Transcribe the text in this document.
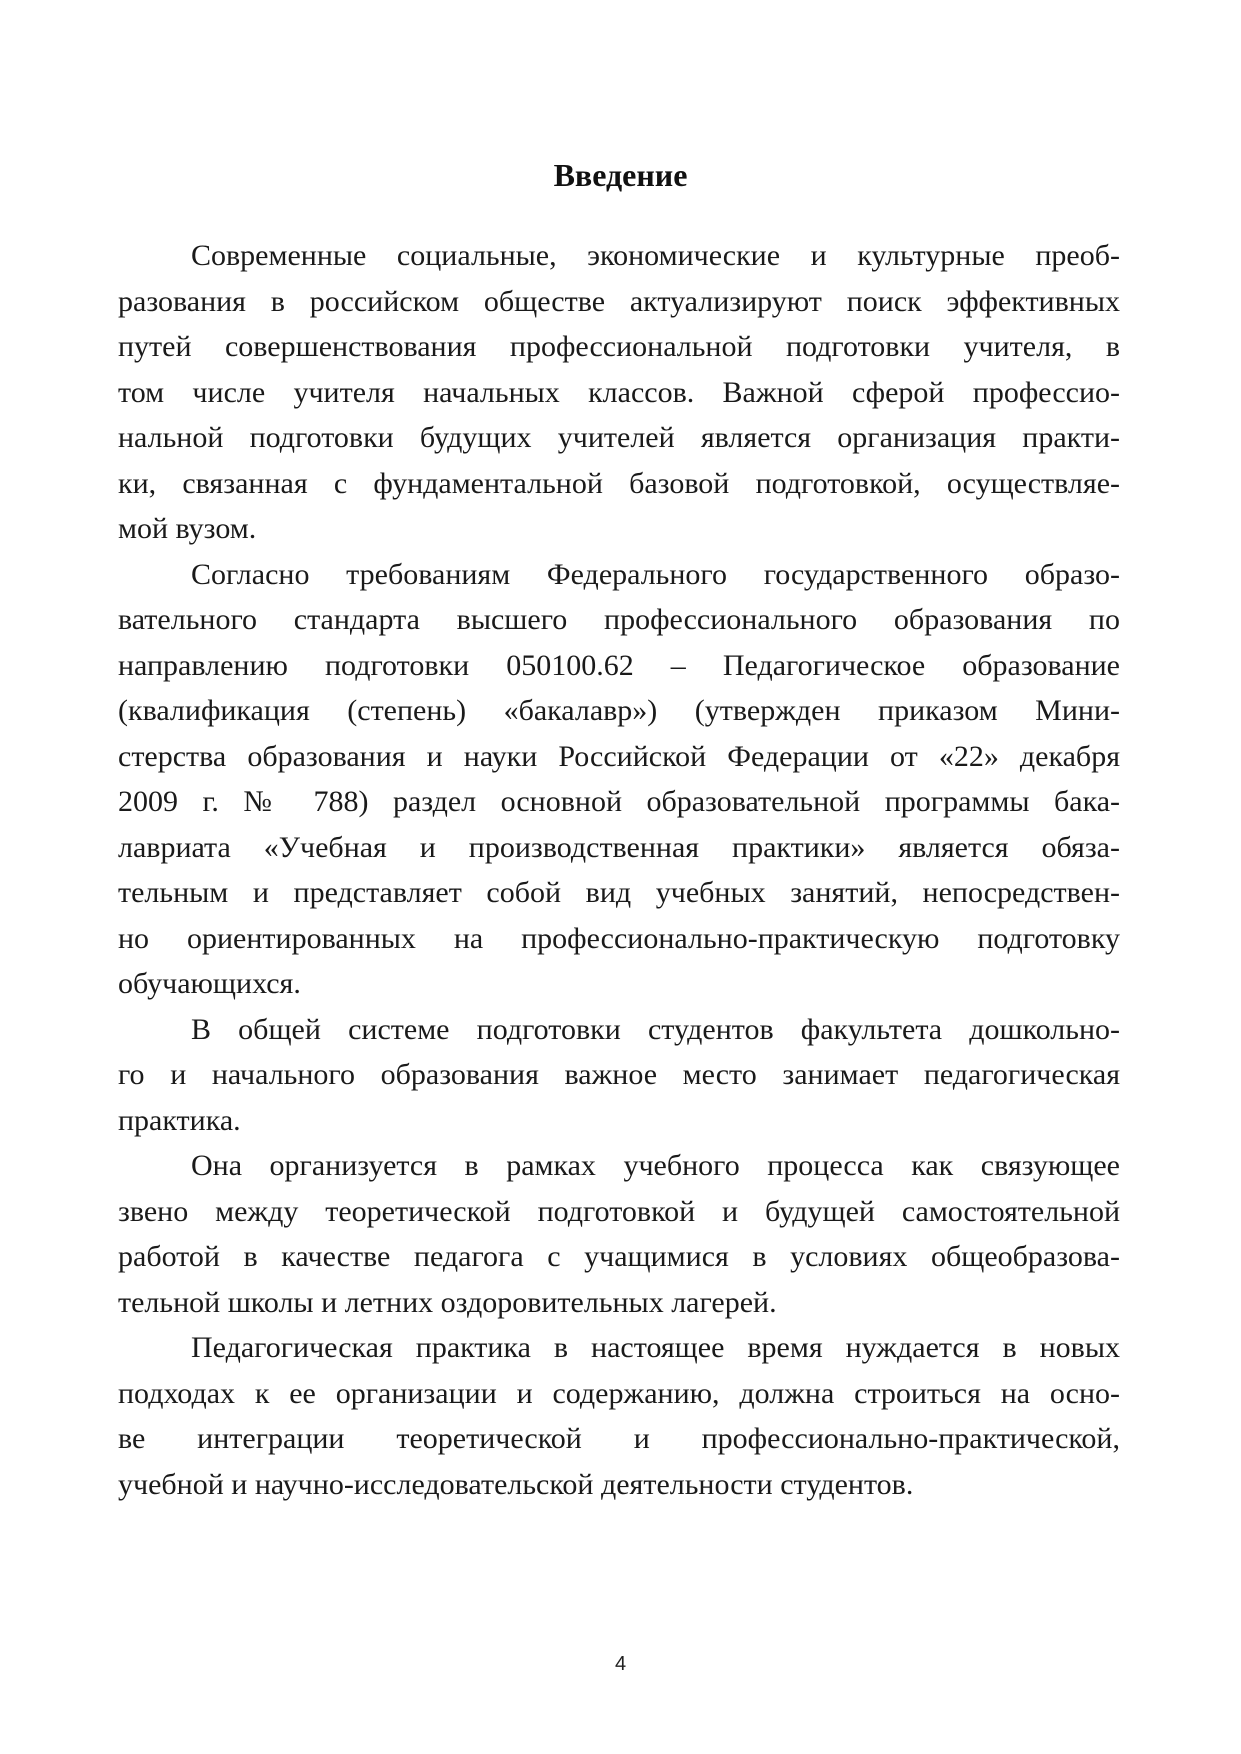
Введение
Современные социальные, экономические и культурные преоб-
разования в российском обществе актуализируют поиск эффективных
путей совершенствования профессиональной подготовки учителя, в
том числе учителя начальных классов. Важной сферой профессио-
нальной подготовки будущих учителей является организация практи-
ки, связанная с фундаментальной базовой подготовкой, осуществляе-
мой вузом.
Согласно требованиям Федерального государственного образо-
вательного стандарта высшего профессионального образования по
направлению подготовки 050100.62 – Педагогическое образование
(квалификация (степень) «бакалавр») (утвержден приказом Мини-
стерства образования и науки Российской Федерации от «22» декабря
2009 г. № 788) раздел основной образовательной программы бака-
лавриата «Учебная и производственная практики» является обяза-
тельным и представляет собой вид учебных занятий, непосредствен-
но ориентированных на профессионально-практическую подготовку
обучающихся.
В общей системе подготовки студентов факультета дошкольно-
го и начального образования важное место занимает педагогическая
практика.
Она организуется в рамках учебного процесса как связующее
звено между теоретической подготовкой и будущей самостоятельной
работой в качестве педагога с учащимися в условиях общеобразова-
тельной школы и летних оздоровительных лагерей.
Педагогическая практика в настоящее время нуждается в новых
подходах к ее организации и содержанию, должна строиться на осно-
ве интеграции теоретической и профессионально-практической,
учебной и научно-исследовательской деятельности студентов.
4
